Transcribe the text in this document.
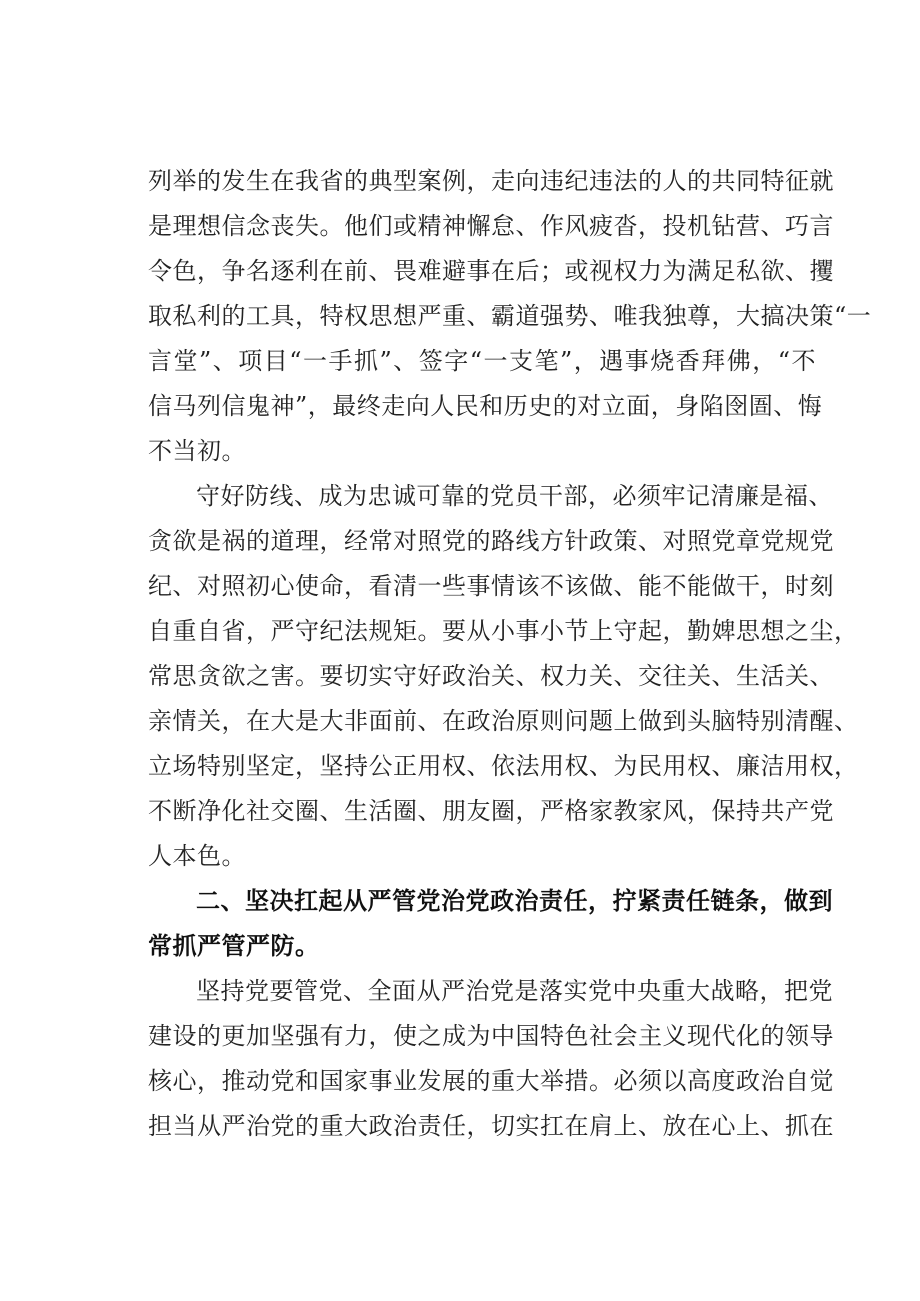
列举的发生在我省的典型案例，走向违纪违法的人的共同特征就
是理想信念丧失。他们或精神懈怠、作风疲沓，投机钻营、巧言
令色，争名逐利在前、畏难避事在后；或视权力为满足私欲、攫
取私利的工具，特权思想严重、霸道强势、唯我独尊，大搞决策“一
言堂”、项目“一手抓”、签字“一支笔”，遇事烧香拜佛，“不
信马列信鬼神”，最终走向人民和历史的对立面，身陷囹圄、悔
不当初。
守好防线、成为忠诚可靠的党员干部，必须牢记清廉是福、
贪欲是祸的道理，经常对照党的路线方针政策、对照党章党规党
纪、对照初心使命，看清一些事情该不该做、能不能做干，时刻
自重自省，严守纪法规矩。要从小事小节上守起，勤婢思想之尘，
常思贪欲之害。要切实守好政治关、权力关、交往关、生活关、
亲情关，在大是大非面前、在政治原则问题上做到头脑特别清醒、
立场特别坚定，坚持公正用权、依法用权、为民用权、廉洁用权，
不断净化社交圈、生活圈、朋友圈，严格家教家风，保持共产党
人本色。
二、坚决扛起从严管党治党政治责任，拧紧责任链条，做到
常抓严管严防。
坚持党要管党、全面从严治党是落实党中央重大战略，把党
建设的更加坚强有力，使之成为中国特色社会主义现代化的领导
核心，推动党和国家事业发展的重大举措。必须以高度政治自觉
担当从严治党的重大政治责任，切实扛在肩上、放在心上、抓在
